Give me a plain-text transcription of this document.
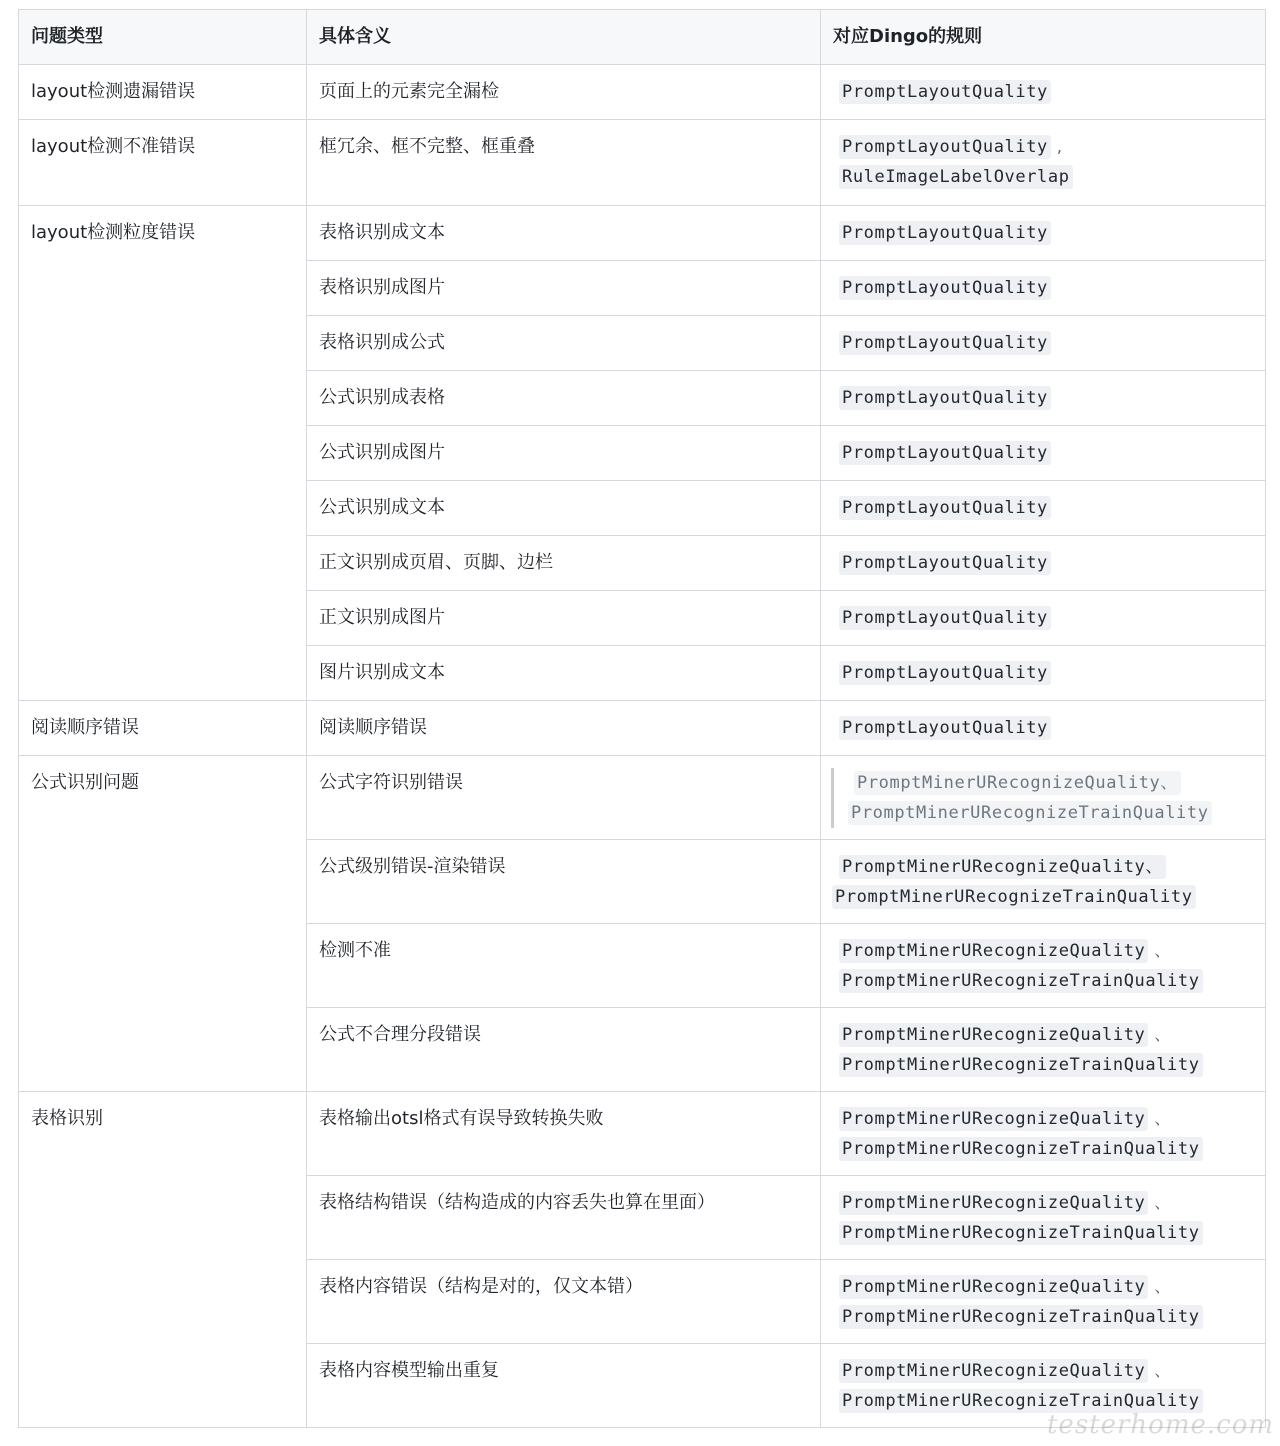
问题类型	具体含义	对应Dingo的规则
layout检测遗漏错误	页面上的元素完全漏检	PromptLayoutQuality

layout检测不准错误	框冗余、框不完整、框重叠	PromptLayoutQuality ,
RuleImageLabelOverlap

layout检测粒度错误	表格识别成文本	PromptLayoutQuality

	表格识别成图片	PromptLayoutQuality

	表格识别成公式	PromptLayoutQuality

	公式识别成表格	PromptLayoutQuality

	公式识别成图片	PromptLayoutQuality

	公式识别成文本	PromptLayoutQuality

	正文识别成页眉、页脚、边栏	PromptLayoutQuality

	正文识别成图片	PromptLayoutQuality

	图片识别成文本	PromptLayoutQuality

阅读顺序错误	阅读顺序错误	PromptLayoutQuality

公式识别问题	公式字符识别错误	PromptMinerURecognizeQuality、
PromptMinerURecognizeTrainQuality

	公式级别错误-渲染错误	PromptMinerURecognizeQuality、
PromptMinerURecognizeTrainQuality

	检测不准	PromptMinerURecognizeQuality 、
PromptMinerURecognizeTrainQuality

	公式不合理分段错误	PromptMinerURecognizeQuality 、
PromptMinerURecognizeTrainQuality

表格识别	表格输出otsl格式有误导致转换失败	PromptMinerURecognizeQuality 、
PromptMinerURecognizeTrainQuality

	表格结构错误（结构造成的内容丢失也算在里面）	PromptMinerURecognizeQuality 、
PromptMinerURecognizeTrainQuality

	表格内容错误（结构是对的，仅文本错）	PromptMinerURecognizeQuality 、
PromptMinerURecognizeTrainQuality

	表格内容模型输出重复	PromptMinerURecognizeQuality 、
PromptMinerURecognizeTrainQuality
testerhome.com
